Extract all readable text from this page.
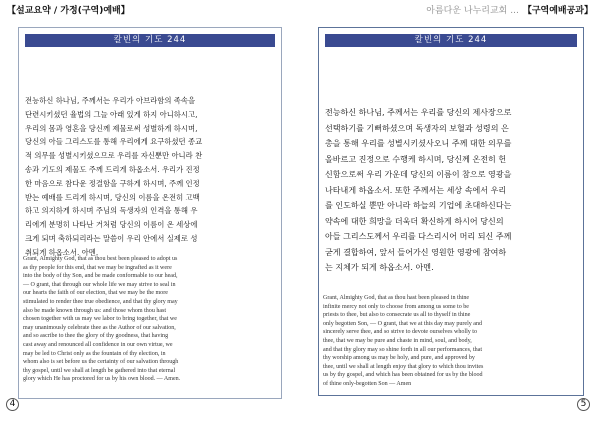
【설교요약 / 가정(구역)예배】
칼빈의 기도 244
전능하신 하나님, 주께서는 우리가 아브라함의 족속을
단련시키셨던 율법의 그늘 아래 있게 하지 아니하시고,
우리의 몸과 영혼을 당신께 제물로써 성별하게 하시며,
당신의 아들 그리스도를 통해 우리에게 요구하셨던 종교
적 의무를 성별시키셨으므로 우리를 자신뿐만 아니라 찬
송과 기도의 제물도 주께 드리게 하옵소서. 우리가 진정
한 마음으로 참다운 정결함을 구하게 하시며, 주께 인정
받는 예배를 드리게 하시며, 당신의 이름을 온전히 고백
하고 의지하게 하시며 주님의 독생자의 인격을 통해 우
리에게 분명히 나타난 거처럼 당신의 이름이 온 세상에
크게 되며 축하되리라는 말씀이 우리 안에서 실제로 성
취되게 하옵소서. 아멘.
Grant, Almighty God, that as thou best been pleased to adopt us
as thy people for this end, that we may be ingrafted as it were
into the body of thy Son, and be made conformable to our head,
— O grant, that through our whole life we may strive to seal in
our hearts the faith of our election, that we may be the more
stimulated to render thee true obedience, and that thy glory may
also be made known through us: and those whom thou hast
chosen together with us may we labor to bring together, that we
may unanimously celebrate thee as the Author of our salvation,
and so ascribe to thee the glory of thy goodness, that having
cast away and renounced all confidence in our own virtue, we
may be led to Christ only as the fountain of thy election, in
whom also is set before us the certainty of our salvation through
thy gospel, until we shall at length be gathered into that eternal
glory which He has proctored for us by his own blood. — Amen.
4
아름다운 나누리교회 ... 【구역예배공과】
칼빈의 기도 244
전능하신 하나님, 주께서는 우리를 당신의 제사장으로
선택하기를 기뻐하셨으며 독생자의 보혈과 성령의 은
총을 통해 우리를 성별시키셨사오니 주께 대한 의무를
올바르고 진정으로 수행케 하시며, 당신께 온전히 헌
신함으로써 우리 가운데 당신의 이름이 참으로 영광을
나타내게 하옵소서. 또한 주께서는 세상 속에서 우리
를 인도하실 뿐만 아니라 하늘의 기업에 초대하신다는
약속에 대한 희망을 더욱더 확신하게 하시어 당신의
아들 그리스도께서 우리를 다스리시어 머리 되신 주께
굳게 결합하여, 앞서 들어가신 영원한 영광에 참여하
는 지체가 되게 하옵소서. 아멘.
Grant, Almighty God, that as thou hast been pleased in thine
infinite mercy not only to choose from among us some to be
priests to thee, but also to consecrate us all to thyself in thine
only begotten Son, — O grant, that we at this day may purely and
sincerely serve thee, and so strive to devote ourselves wholly to
thee, that we may be pure and chaste in mind, soul, and body,
and that thy glory may so shine forth in all our performances, that
thy worship among us may be holy, and pure, and approved by
thee, until we shall at length enjoy that glory to which thou invites
us by thy gospel, and which has been obtained for us by the blood
of thine only-begotten Son — Amen
5
